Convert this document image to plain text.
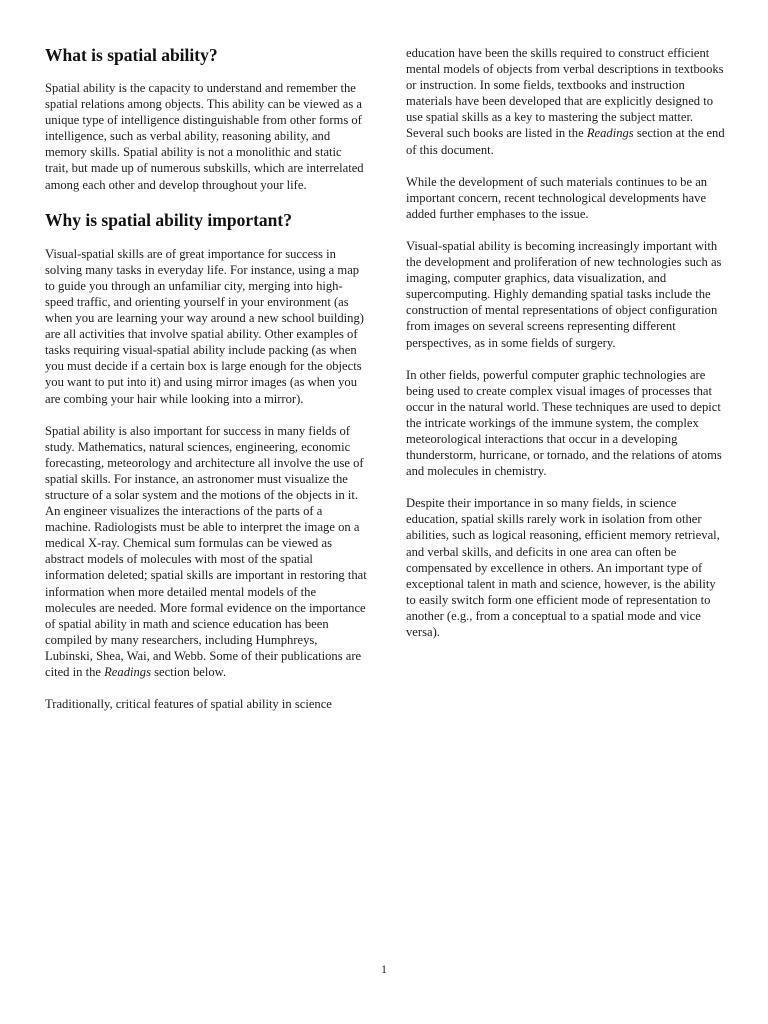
What is spatial ability?

Spatial ability is the capacity to understand and remember the spatial relations among objects. This ability can be viewed as a unique type of intelligence distinguishable from other forms of intelligence, such as verbal ability, reasoning ability, and memory skills. Spatial ability is not a monolithic and static trait, but made up of numerous subskills, which are interrelated among each other and develop throughout your life.

Why is spatial ability important?

Visual-spatial skills are of great importance for success in solving many tasks in everyday life. For instance, using a map to guide you through an unfamiliar city, merging into high-speed traffic, and orienting yourself in your environment (as when you are learning your way around a new school building) are all activities that involve spatial ability. Other examples of tasks requiring visual-spatial ability include packing (as when you must decide if a certain box is large enough for the objects you want to put into it) and using mirror images (as when you are combing your hair while looking into a mirror).

Spatial ability is also important for success in many fields of study. Mathematics, natural sciences, engineering, economic forecasting, meteorology and architecture all involve the use of spatial skills. For instance, an astronomer must visualize the structure of a solar system and the motions of the objects in it. An engineer visualizes the interactions of the parts of a machine. Radiologists must be able to interpret the image on a medical X-ray. Chemical sum formulas can be viewed as abstract models of molecules with most of the spatial information deleted; spatial skills are important in restoring that information when more detailed mental models of the molecules are needed. More formal evidence on the importance of spatial ability in math and science education has been compiled by many researchers, including Humphreys, Lubinski, Shea, Wai, and Webb. Some of their publications are cited in the Readings section below.

Traditionally, critical features of spatial ability in science

education have been the skills required to construct efficient mental models of objects from verbal descriptions in textbooks or instruction. In some fields, textbooks and instruction materials have been developed that are explicitly designed to use spatial skills as a key to mastering the subject matter. Several such books are listed in the Readings section at the end of this document.

While the development of such materials continues to be an important concern, recent technological developments have added further emphases to the issue.

Visual-spatial ability is becoming increasingly important with the development and proliferation of new technologies such as imaging, computer graphics, data visualization, and supercomputing. Highly demanding spatial tasks include the construction of mental representations of object configuration from images on several screens representing different perspectives, as in some fields of surgery.

In other fields, powerful computer graphic technologies are being used to create complex visual images of processes that occur in the natural world. These techniques are used to depict the intricate workings of the immune system, the complex meteorological interactions that occur in a developing thunderstorm, hurricane, or tornado, and the relations of atoms and molecules in chemistry.

Despite their importance in so many fields, in science education, spatial skills rarely work in isolation from other abilities, such as logical reasoning, efficient memory retrieval, and verbal skills, and deficits in one area can often be compensated by excellence in others. An important type of exceptional talent in math and science, however, is the ability to easily switch form one efficient mode of representation to another (e.g., from a conceptual to a spatial mode and vice versa).

1
